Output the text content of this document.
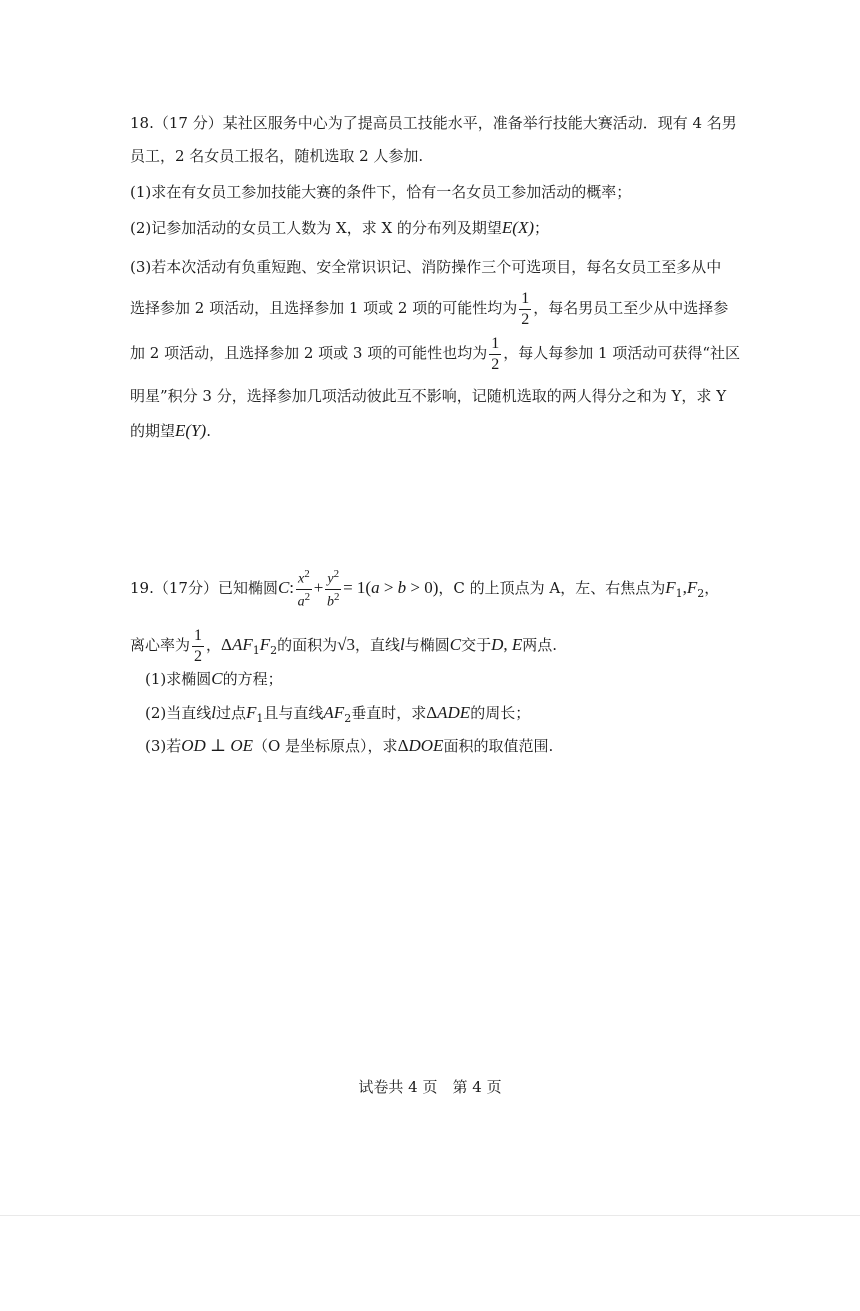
18.（17 分）某社区服务中心为了提高员工技能水平，准备举行技能大赛活动．现有 4 名男
员工，2 名女员工报名，随机选取 2 人参加.
(1)求在有女员工参加技能大赛的条件下，恰有一名女员工参加活动的概率；
(2)记参加活动的女员工人数为 X，求 X 的分布列及期望E(X)；
(3)若本次活动有负重短跑、安全常识识记、消防操作三个可选项目，每名女员工至多从中
选择参加 2 项活动，且选择参加 1 项或 2 项的可能性均为 $\frac{1}{2}$ ，每名男员工至少从中选择参
加 2 项活动，且选择参加 2 项或 3 项的可能性也均为 $\frac{1}{2}$ ，每人每参加 1 项活动可获得“社区
明星”积分 3 分，选择参加几项活动彼此互不影响，记随机选取的两人得分之和为 Y，求 Y
的期望E(Y).
19.（17分）已知椭圆C: $\frac{x^2}{a^2} + \frac{y^2}{b^2} = 1(a > b > 0)$，C 的上顶点为 A，左、右焦点为$F_1,F_2$，
离心率为 $\frac{1}{2}$ ，$\Delta AF_1F_2$的面积为√3，直线l与椭圆C交于D, E两点.
(1)求椭圆C的方程；
(2)当直线l过点$F_1$且与直线$AF_2$垂直时，求ΔADE的周长；
(3)若OD ⊥ OE（O 是坐标原点），求ΔDOE面积的取值范围.
试卷共 4 页　第 4 页
